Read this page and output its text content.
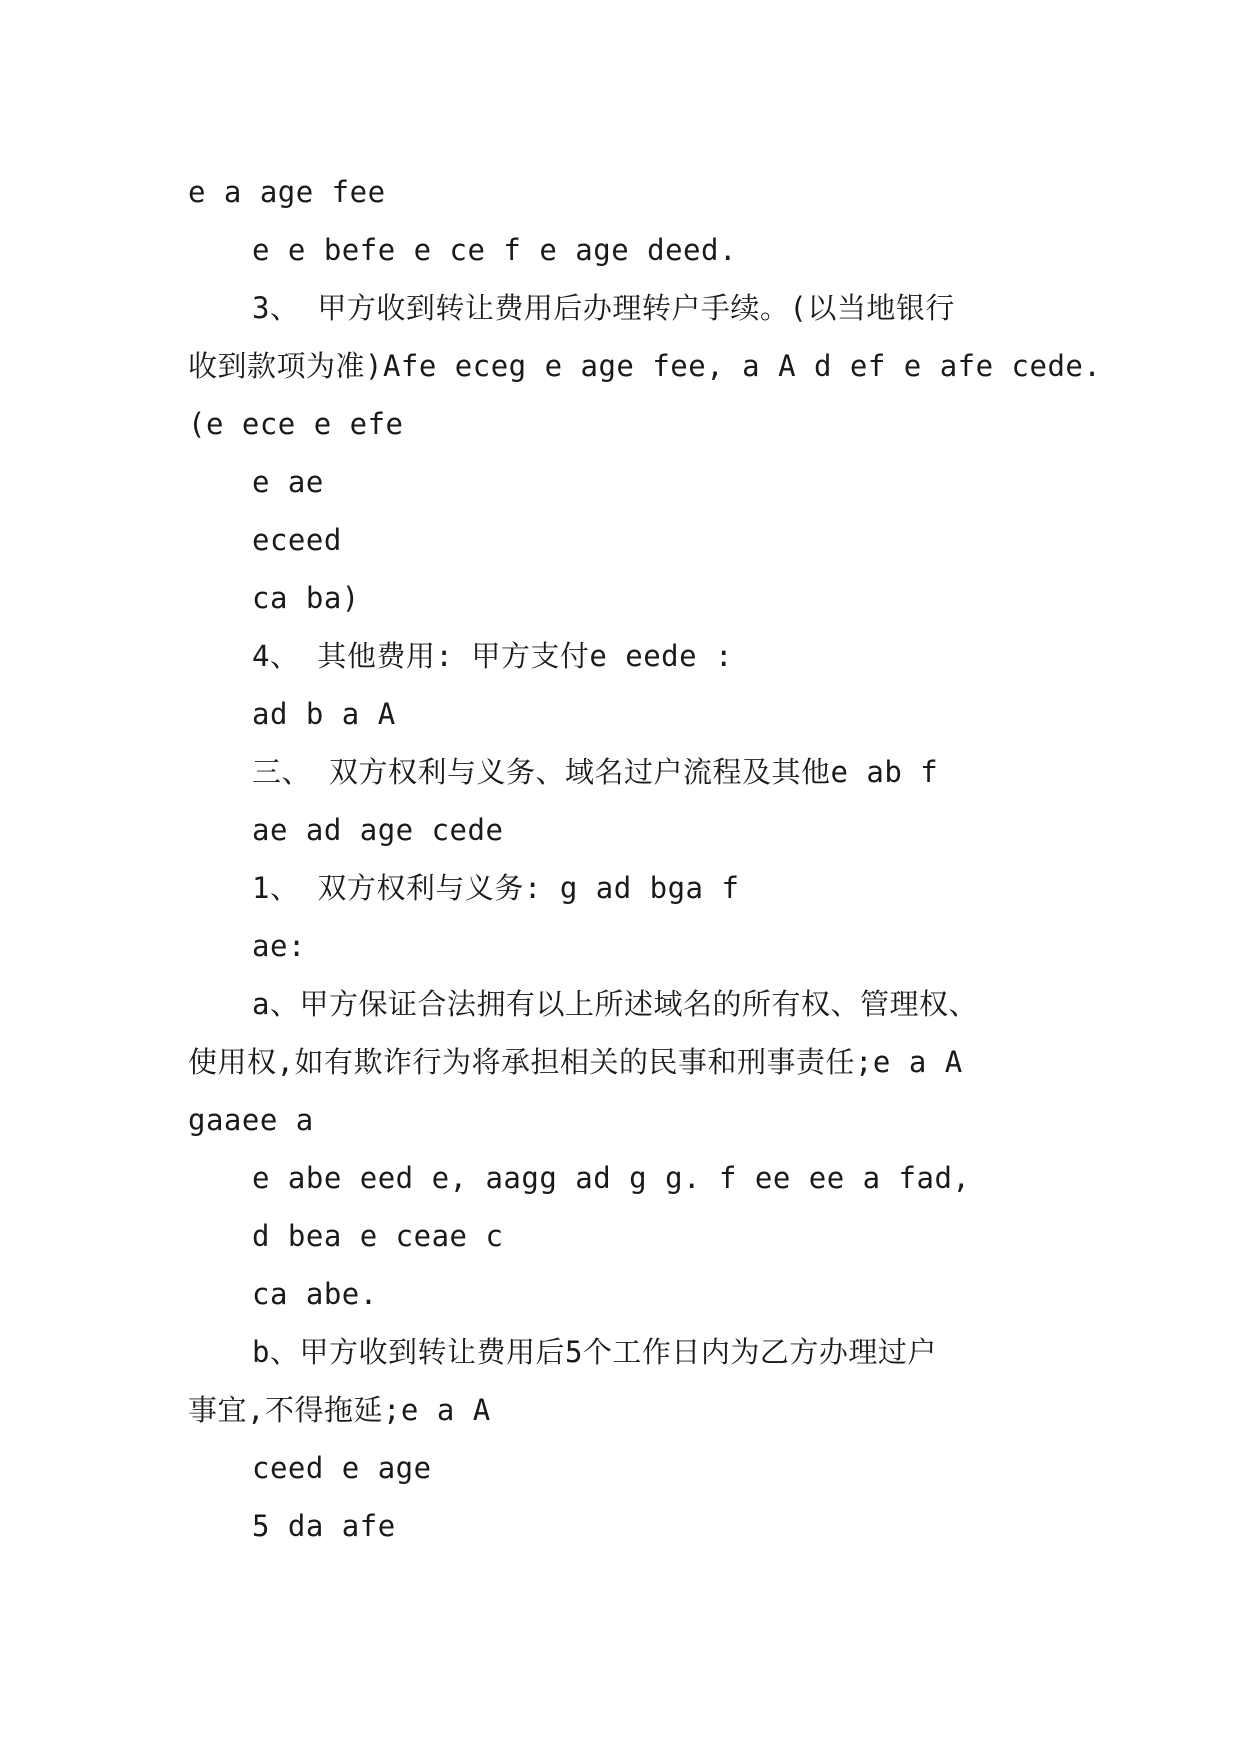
e a age fee
e e befe e ce f e age deed.
3、 甲方收到转让费用后办理转户手续。(以当地银行
收到款项为准)Afe eceg e age fee, a A d ef e afe cede.
(e ece e efe
e ae
eceed
ca ba)
4、 其他费用: 甲方支付e eede :
ad b a A
三、 双方权利与义务、域名过户流程及其他e ab f
ae ad age cede
1、 双方权利与义务: g ad bga f
ae:
a、甲方保证合法拥有以上所述域名的所有权、管理权、
使用权,如有欺诈行为将承担相关的民事和刑事责任;e a A
gaaee a
e abe eed e, aagg ad g g. f ee ee a fad,
d bea e ceae c
ca abe.
b、甲方收到转让费用后5个工作日内为乙方办理过户
事宜,不得拖延;e a A
ceed e age
5 da afe
